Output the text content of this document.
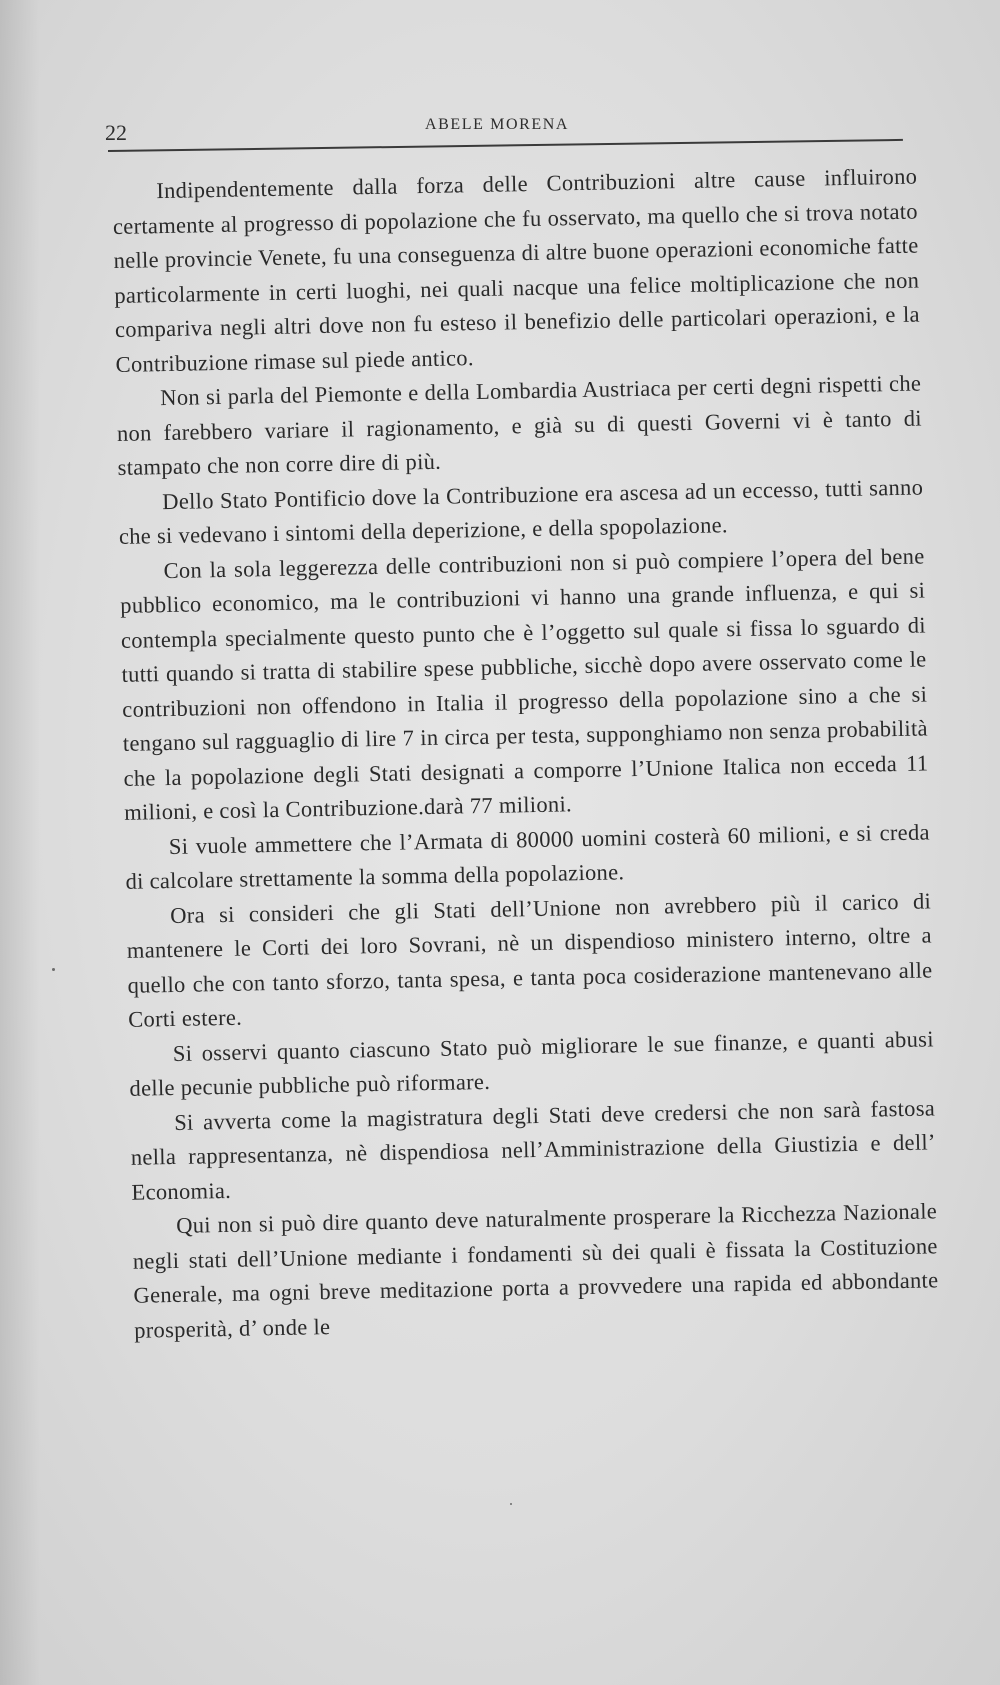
22	ABELE MORENA

Indipendentemente dalla forza delle Contribuzioni altre cause influirono certamente al progresso di popolazione che fu osservato, ma quello che si trova notato nelle provincie Venete, fu una conseguenza di altre buone operazioni economiche fatte particolarmente in certi luoghi, nei quali nacque una felice moltiplicazione che non compariva negli altri dove non fu esteso il benefizio delle particolari operazioni, e la Contribuzione rimase sul piede antico.

Non si parla del Piemonte e della Lombardia Austriaca per certi degni rispetti che non farebbero variare il ragionamento, e già su di questi Governi vi è tanto di stampato che non corre dire di più.

Dello Stato Pontificio dove la Contribuzione era ascesa ad un eccesso, tutti sanno che si vedevano i sintomi della deperizione, e della spopolazione.

Con la sola leggerezza delle contribuzioni non si può compiere l’opera del bene pubblico economico, ma le contribuzioni vi hanno una grande influenza, e qui si contempla specialmente questo punto che è l’oggetto sul quale si fissa lo sguardo di tutti quando si tratta di stabilire spese pubbliche, sicchè dopo avere osservato come le contribuzioni non offendono in Italia il progresso della popolazione sino a che si tengano sul ragguaglio di lire 7 in circa per testa, supponghiamo non senza probabilità che la popolazione degli Stati designati a comporre l’Unione Italica non ecceda 11 milioni, e così la Contribuzione.darà 77 milioni.

Si vuole ammettere che l’Armata di 80000 uomini costerà 60 milioni, e si creda di calcolare strettamente la somma della popolazione.

Ora si consideri che gli Stati dell’Unione non avrebbero più il carico di mantenere le Corti dei loro Sovrani, nè un dispendioso ministero interno, oltre a quello che con tanto sforzo, tanta spesa, e tanta poca cosiderazione mantenevano alle Corti estere.

Si osservi quanto ciascuno Stato può migliorare le sue finanze, e quanti abusi delle pecunie pubbliche può riformare.

Si avverta come la magistratura degli Stati deve credersi che non sarà fastosa nella rappresentanza, nè dispendiosa nell’Amministrazione della Giustizia e dell’ Economia.

Qui non si può dire quanto deve naturalmente prosperare la Ricchezza Nazionale negli stati dell’Unione mediante i fondamenti sù dei quali è fissata la Costituzione Generale, ma ogni breve meditazione porta a provvedere una rapida ed abbondante prosperità, d’ onde le
